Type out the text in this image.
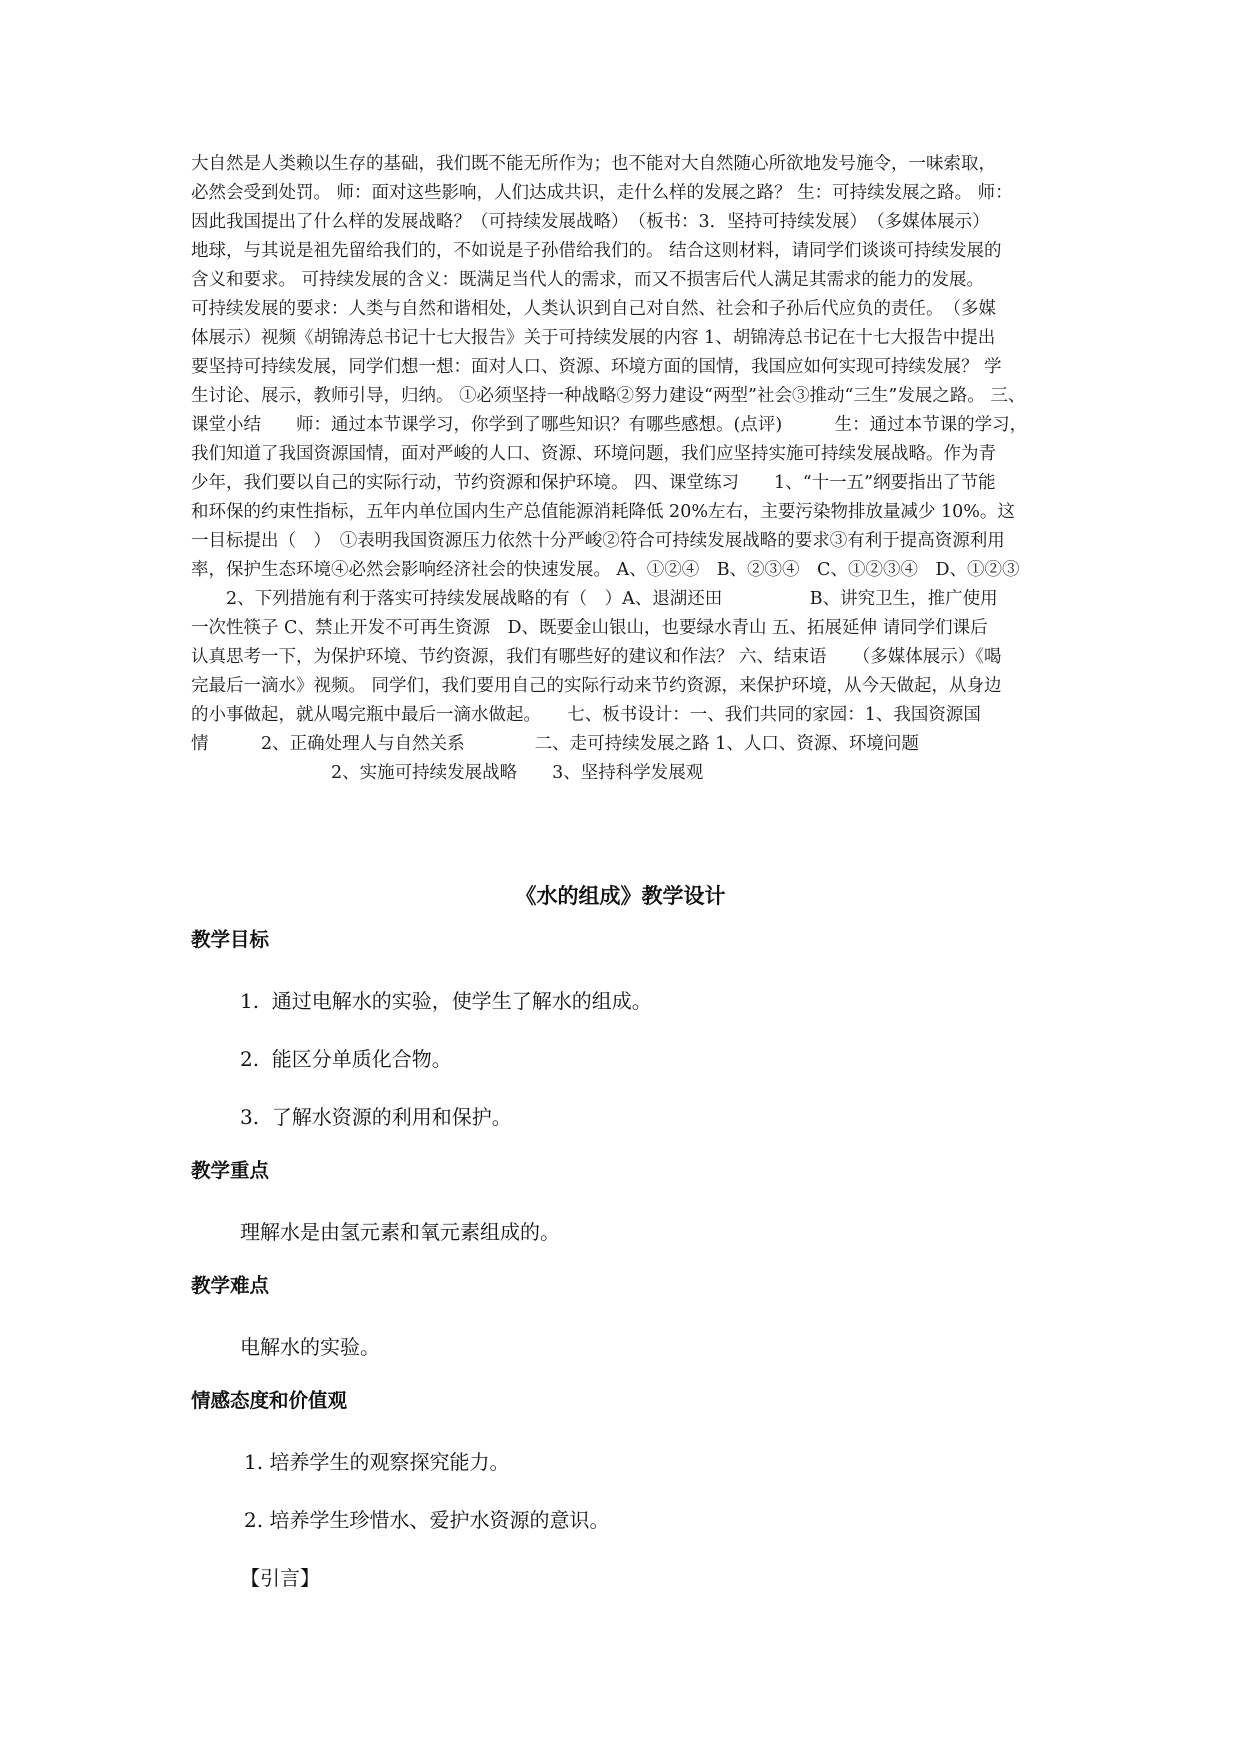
大自然是人类赖以生存的基础，我们既不能无所作为；也不能对大自然随心所欲地发号施令，一味索取，
必然会受到处罚。 师：面对这些影响，人们达成共识，走什么样的发展之路？ 生：可持续发展之路。 师：
因此我国提出了什么样的发展战略？（可持续发展战略）　（板书：3．坚持可持续发展）　（多媒体展示）
地球，与其说是祖先留给我们的，不如说是子孙借给我们的。 结合这则材料，请同学们谈谈可持续发展的
含义和要求。 可持续发展的含义：既满足当代人的需求，而又不损害后代人满足其需求的能力的发展。
可持续发展的要求：人类与自然和谐相处，人类认识到自己对自然、社会和子孙后代应负的责任。　（多媒
体展示）视频《胡锦涛总书记十七大报告》关于可持续发展的内容 1、胡锦涛总书记在十七大报告中提出
要坚持可持续发展，同学们想一想：面对人口、资源、环境方面的国情，我国应如何实现可持续发展？ 学
生讨论、展示，教师引导，归纳。 ①必须坚持一种战略②努力建设“两型”社会③推动“三生”发展之路。 三、
课堂小结　　师：通过本节课学习，你学到了哪些知识？有哪些感想。(点评)　　　生：通过本节课的学习，
我们知道了我国资源国情，面对严峻的人口、资源、环境问题，我们应坚持实施可持续发展战略。作为青
少年，我们要以自己的实际行动，节约资源和保护环境。 四、课堂练习　　1、“十一五”纲要指出了节能
和环保的约束性指标，五年内单位国内生产总值能源消耗降低 20%左右，主要污染物排放量减少 10%。这
一目标提出（　）　①表明我国资源压力依然十分严峻②符合可持续发展战略的要求③有利于提高资源利用
率，保护生态环境④必然会影响经济社会的快速发展。 A、①②④　B、②③④　C、①②③④　D、①②③
　　2、下列措施有利于落实可持续发展战略的有（　）A、退湖还田　　　　　B、讲究卫生，推广使用
一次性筷子 C、禁止开发不可再生资源　D、既要金山银山，也要绿水青山 五、拓展延伸 请同学们课后
认真思考一下，为保护环境、节约资源，我们有哪些好的建议和作法？ 六、结束语　　（多媒体展示）《喝
完最后一滴水》视频。 同学们，我们要用自己的实际行动来节约资源，来保护环境，从今天做起，从身边
的小事做起，就从喝完瓶中最后一滴水做起。　　七、板书设计：一、我们共同的家园：1、我国资源国
情　　　2、正确处理人与自然关系　　　　二、走可持续发展之路 1、人口、资源、环境问题
　　　　　　　　2、实施可持续发展战略　　3、坚持科学发展观
《水的组成》教学设计
教学目标
1.  通过电解水的实验，使学生了解水的组成。
2.  能区分单质化合物。
3.  了解水资源的利用和保护。
教学重点
理解水是由氢元素和氧元素组成的。
教学难点
电解水的实验。
情感态度和价值观
1. 培养学生的观察探究能力。
2. 培养学生珍惜水、爱护水资源的意识。
【引言】
